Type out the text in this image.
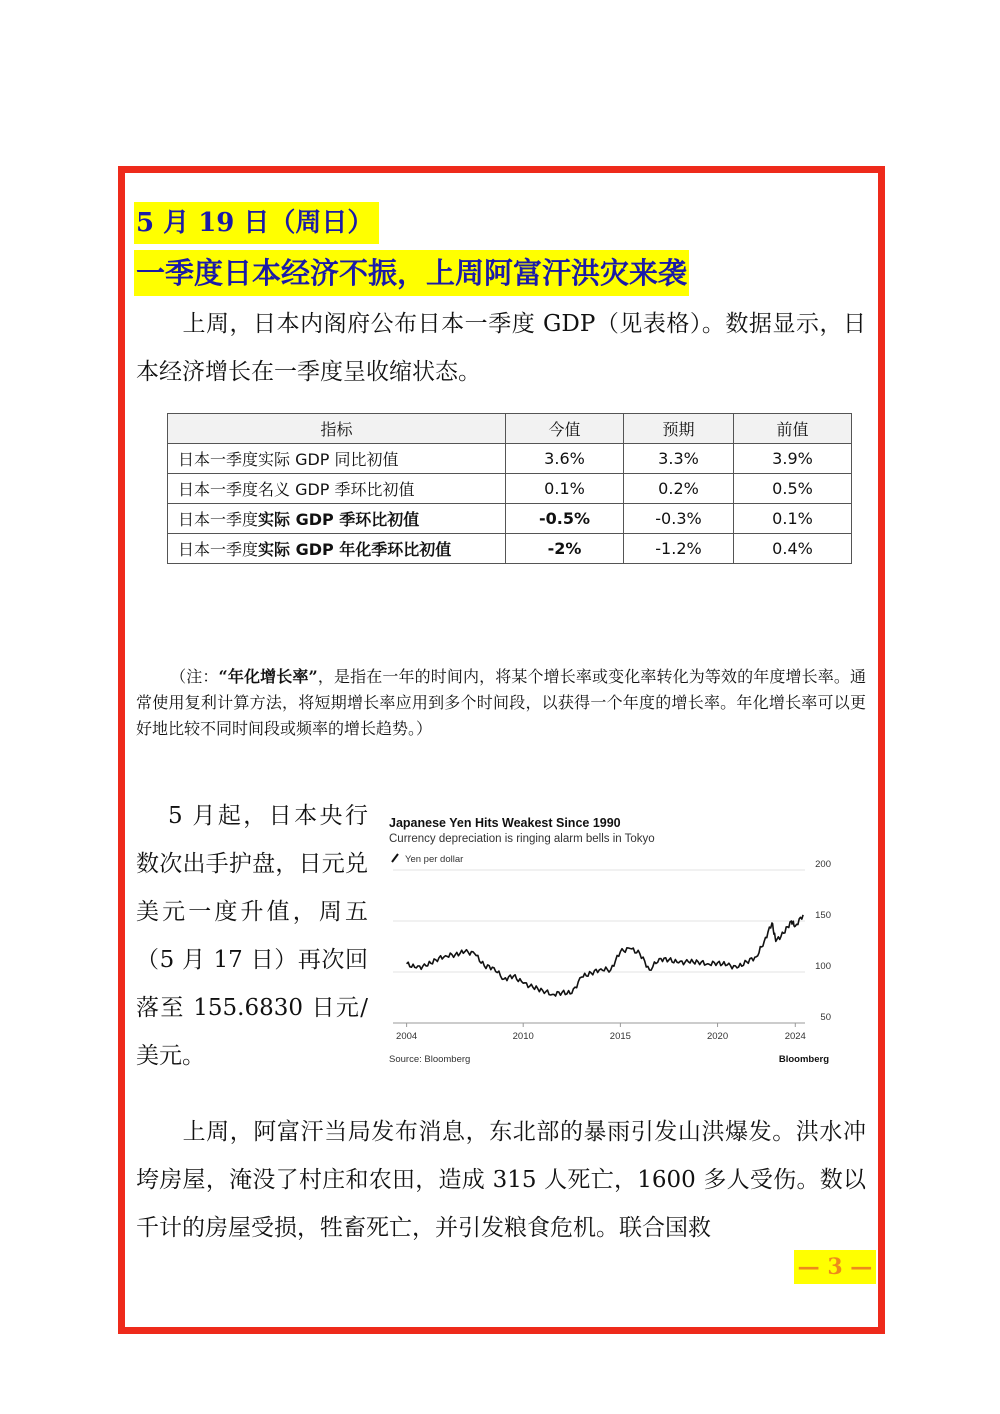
5 月 19 日（周日）
一季度日本经济不振，上周阿富汗洪灾来袭
上周，日本内阁府公布日本一季度 GDP（见表格）。数据显示，日本经济增长在一季度呈收缩状态。
指标	今值	预期	前值
日本一季度实际 GDP 同比初值	3.6%	3.3%	3.9%
日本一季度名义 GDP 季环比初值	0.1%	0.2%	0.5%
日本一季度实际 GDP 季环比初值	-0.5%	-0.3%	0.1%
日本一季度实际 GDP 年化季环比初值	-2%	-1.2%	0.4%
（注：“年化增长率”，是指在一年的时间内，将某个增长率或变化率转化为等效的年度增长率。通常使用复利计算方法，将短期增长率应用到多个时间段，以获得一个年度的增长率。年化增长率可以更好地比较不同时间段或频率的增长趋势。）
5 月起，日本央行数次出手护盘，日元兑美元一度升值，周五（5 月 17 日）再次回落至 155.6830 日元/美元。
Japanese Yen Hits Weakest Since 1990
Currency depreciation is ringing alarm bells in Tokyo
Yen per dollar	200
150
100
50
2004	2010	2015	2020	2024
Source: Bloomberg	Bloomberg
上周，阿富汗当局发布消息，东北部的暴雨引发山洪爆发。洪水冲垮房屋，淹没了村庄和农田，造成 315 人死亡，1600 多人受伤。数以千计的房屋受损，牲畜死亡，并引发粮食危机。联合国救
— 3 —
